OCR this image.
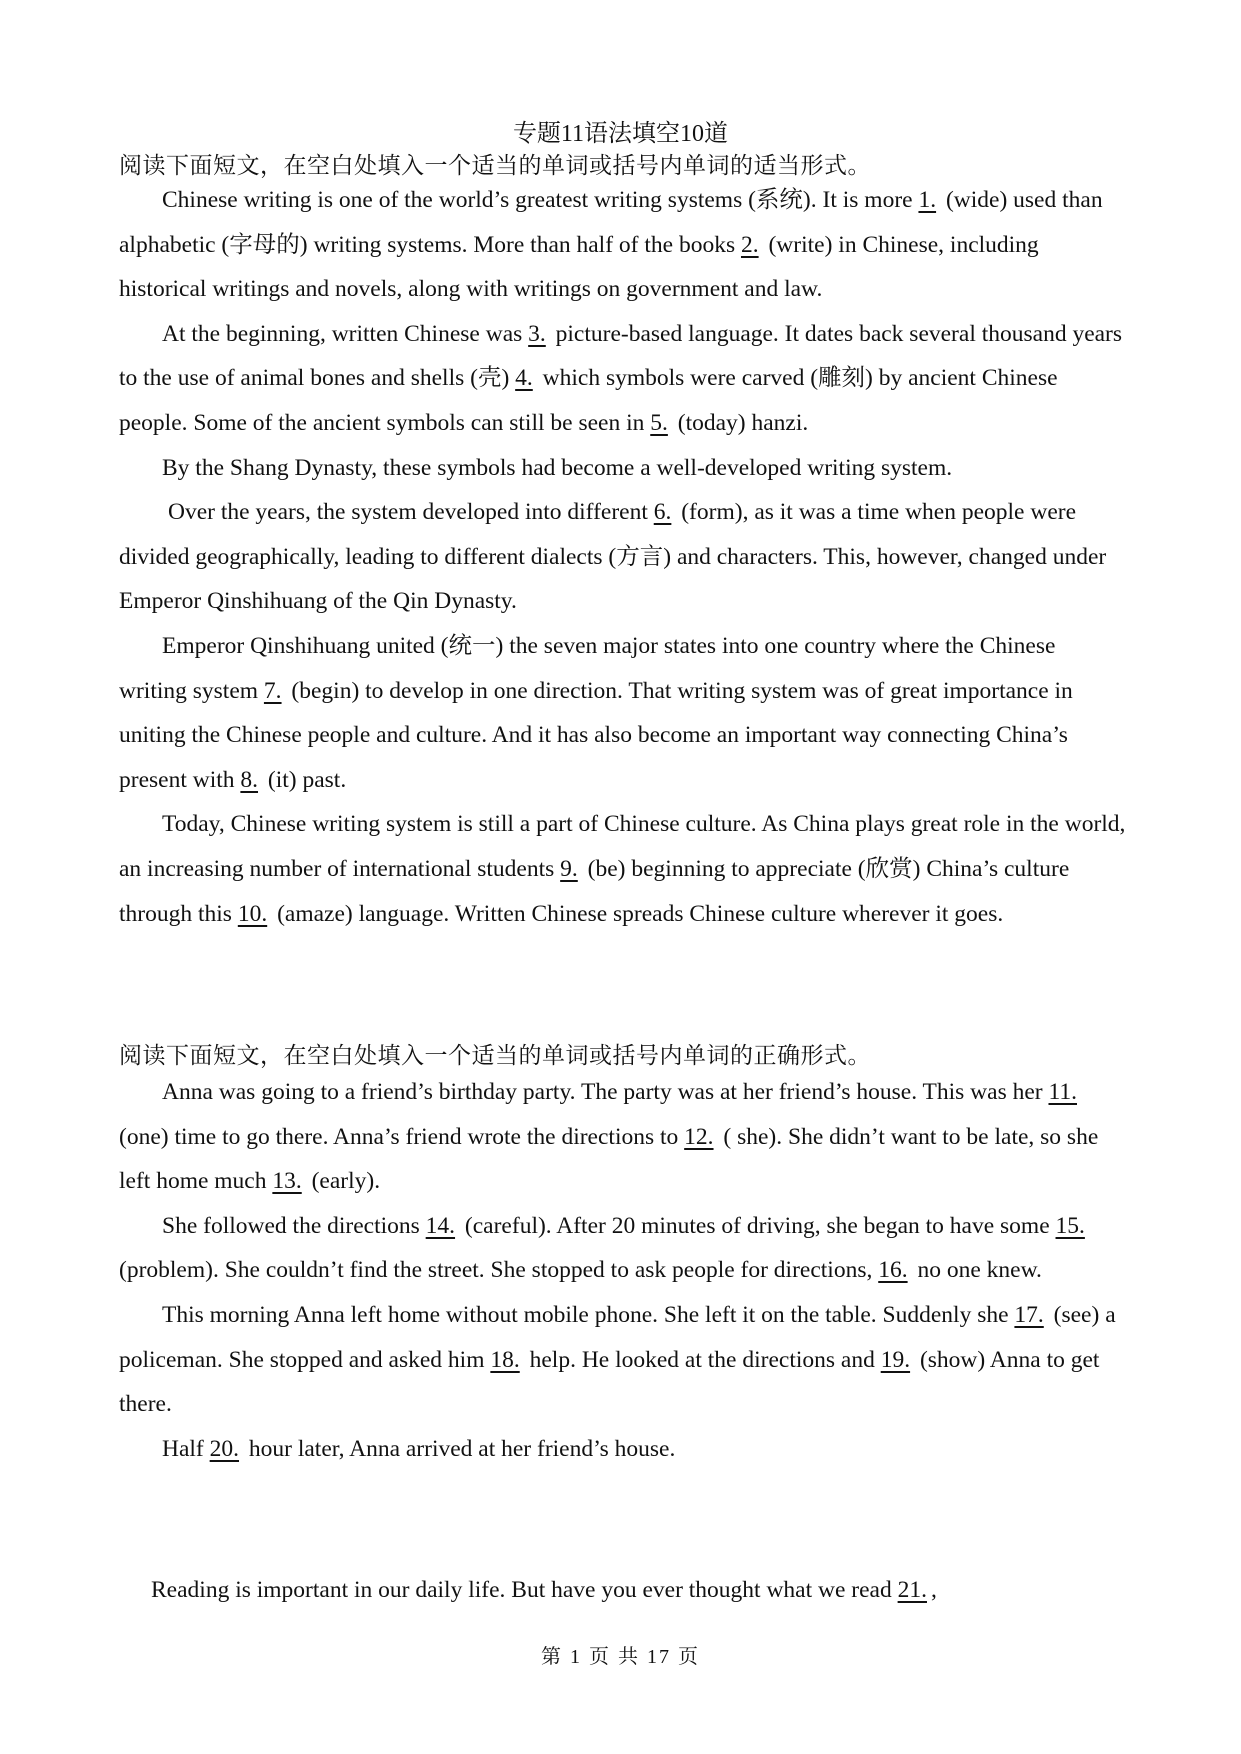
专题11语法填空10道
阅读下面短文，在空白处填入一个适当的单词或括号内单词的适当形式。

Chinese writing is one of the world’s greatest writing systems (系统). It is more 1. (wide) used than alphabetic (字母的) writing systems. More than half of the books 2. (write) in Chinese, including historical writings and novels, along with writings on government and law.

At the beginning, written Chinese was 3. picture-based language. It dates back several thousand years to the use of animal bones and shells (壳) 4. which symbols were carved (雕刻) by ancient Chinese people. Some of the ancient symbols can still be seen in 5. (today) hanzi.

By the Shang Dynasty, these symbols had become a well-developed writing system.

Over the years, the system developed into different 6. (form), as it was a time when people were divided geographically, leading to different dialects (方言) and characters. This, however, changed under Emperor Qinshihuang of the Qin Dynasty.

Emperor Qinshihuang united (统一) the seven major states into one country where the Chinese writing system 7. (begin) to develop in one direction. That writing system was of great importance in uniting the Chinese people and culture. And it has also become an important way connecting China’s present with 8. (it) past.

Today, Chinese writing system is still a part of Chinese culture. As China plays great role in the world, an increasing number of international students 9. (be) beginning to appreciate (欣赏) China’s culture through this 10. (amaze) language. Written Chinese spreads Chinese culture wherever it goes.

阅读下面短文，在空白处填入一个适当的单词或括号内单词的正确形式。

Anna was going to a friend’s birthday party. The party was at her friend’s house. This was her 11. (one) time to go there. Anna’s friend wrote the directions to 12. ( she). She didn’t want to be late, so she left home much 13. (early).

She followed the directions 14. (careful). After 20 minutes of driving, she began to have some 15. (problem). She couldn’t find the street. She stopped to ask people for directions, 16. no one knew.

This morning Anna left home without mobile phone. She left it on the table. Suddenly she 17. (see) a policeman. She stopped and asked him 18. help. He looked at the directions and 19. (show) Anna to get there.

Half 20. hour later, Anna arrived at her friend’s house.

Reading is important in our daily life. But have you ever thought what we read 21. ,

第 1 页 共 17 页
